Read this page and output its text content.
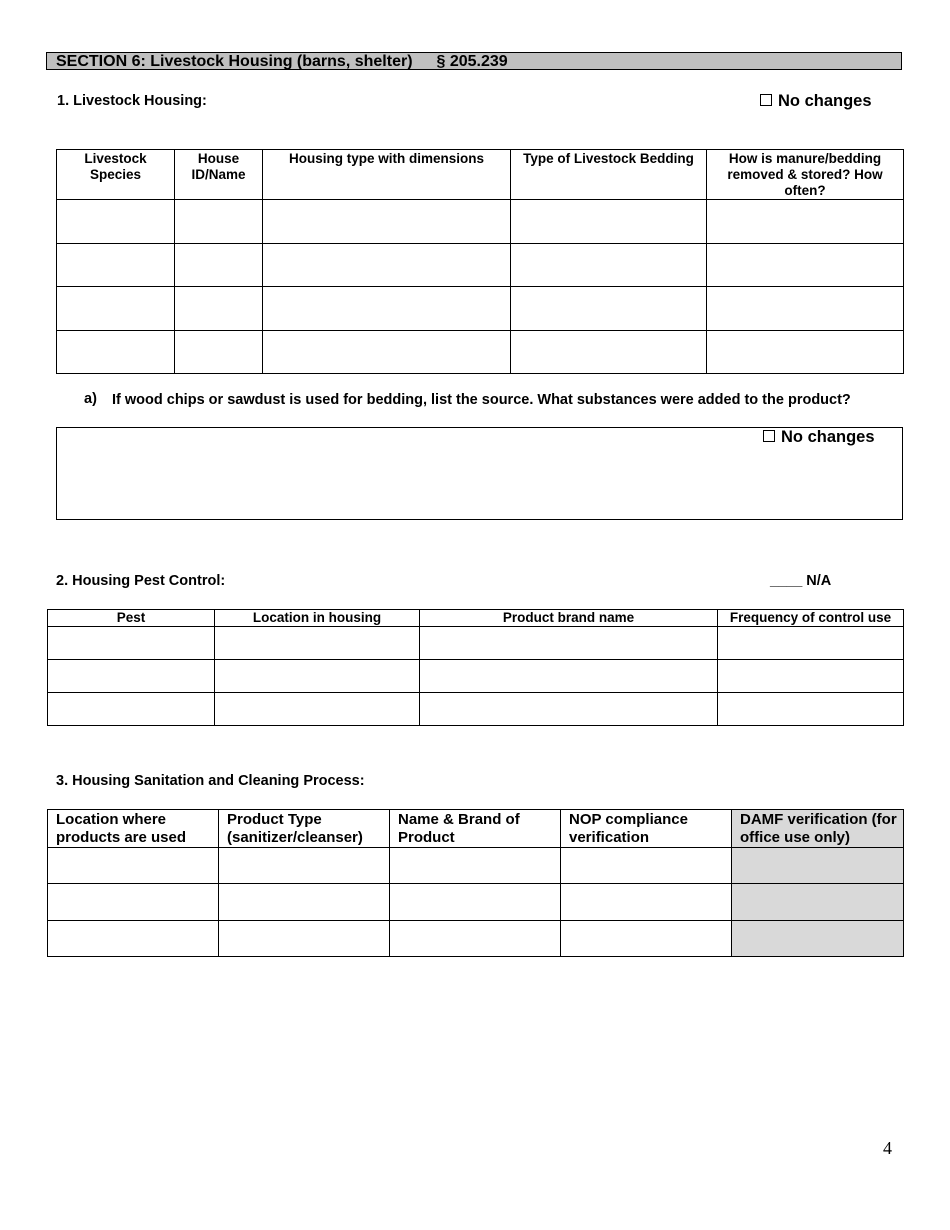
SECTION 6: Livestock Housing (barns, shelter) § 205.239
1. Livestock Housing:	No changes
Livestock Species	House ID/Name	Housing type with dimensions	Type of Livestock Bedding	How is manure/bedding removed & stored? How often?

a) If wood chips or sawdust is used for bedding, list the source. What substances were added to the product?
No changes
2. Housing Pest Control:	____ N/A
Pest	Location in housing	Product brand name	Frequency of control use

3. Housing Sanitation and Cleaning Process:
Location where products are used	Product Type (sanitizer/cleanser)	Name & Brand of Product	NOP compliance verification	DAMF verification (for office use only)

4
